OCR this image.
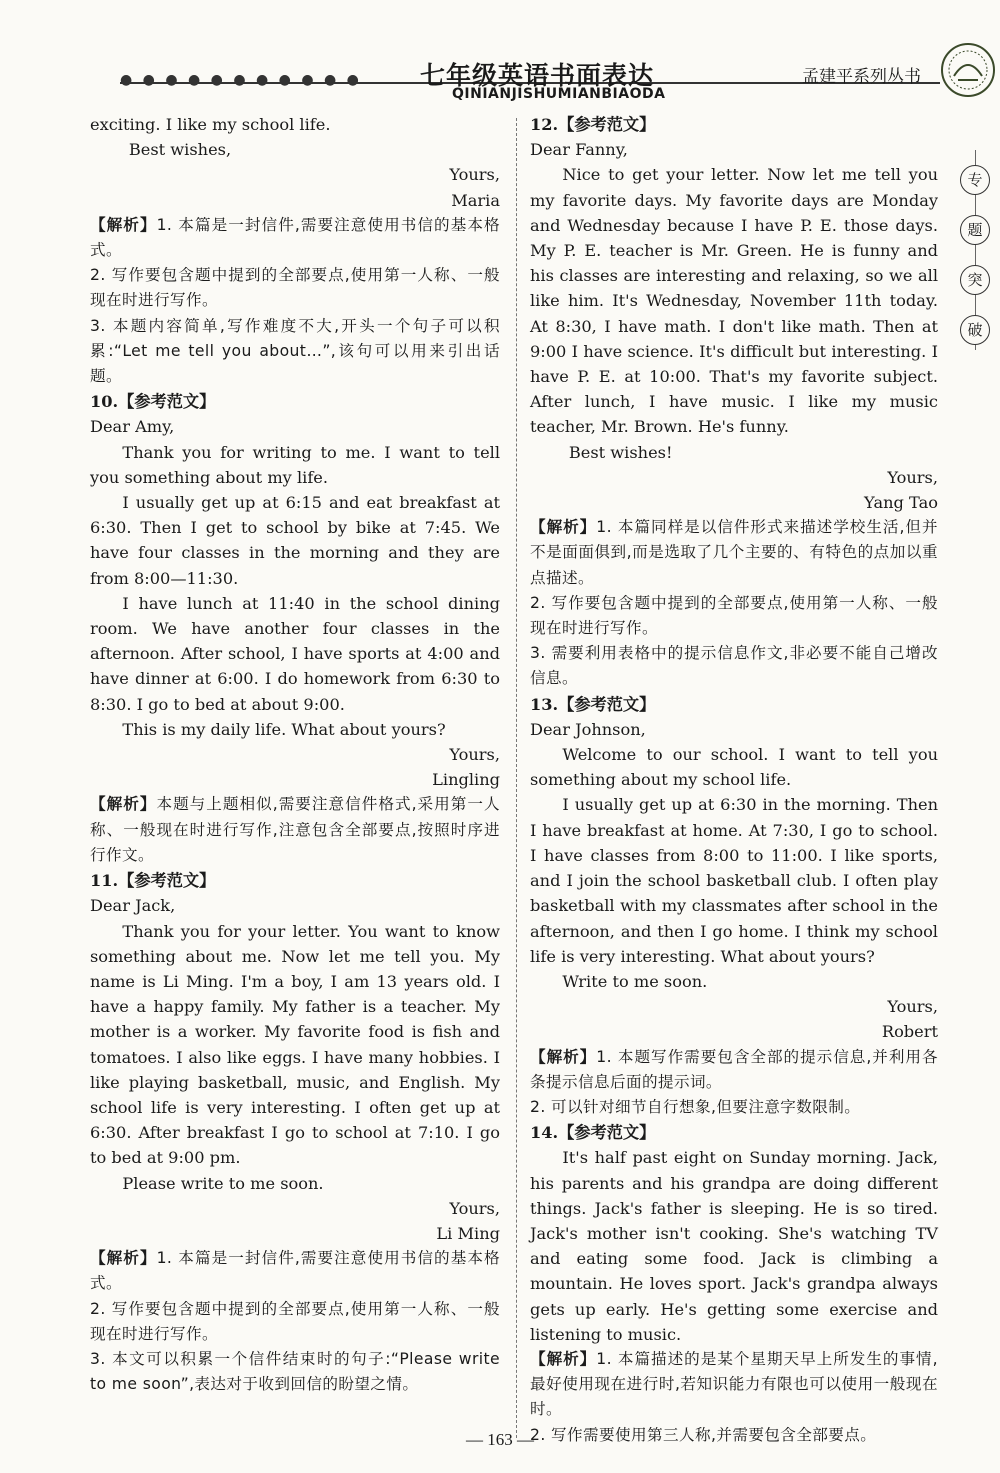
● ● ● ● ● ● ● ● ● ● ● 七年级英语书面表达
QINIANJISHUMIANBIAODA
孟建平系列丛书
专
题
突
破

exciting. I like my school life.

Best wishes,

Yours,

Maria

【解析】1. 本篇是一封信件,需要注意使用书信的基本格式。

2. 写作要包含题中提到的全部要点,使用第一人称、一般现在时进行写作。

3. 本题内容简单,写作难度不大,开头一个句子可以积累:“Let me tell you about…”,该句可以用来引出话题。

10.【参考范文】

Dear Amy,

Thank you for writing to me. I want to tell you something about my life.

I usually get up at 6:15 and eat breakfast at 6:30. Then I get to school by bike at 7:45. We have four classes in the morning and they are from 8:00—11:30.

I have lunch at 11:40 in the school dining room. We have another four classes in the afternoon. After school, I have sports at 4:00 and have dinner at 6:00. I do homework from 6:30 to 8:30. I go to bed at about 9:00.

This is my daily life. What about yours?

Yours,

Lingling

【解析】本题与上题相似,需要注意信件格式,采用第一人称、一般现在时进行写作,注意包含全部要点,按照时序进行作文。

11.【参考范文】

Dear Jack,

Thank you for your letter. You want to know something about me. Now let me tell you. My name is Li Ming. I'm a boy, I am 13 years old. I have a happy family. My father is a teacher. My mother is a worker. My favorite food is fish and tomatoes. I also like eggs. I have many hobbies. I like playing basketball, music, and English. My school life is very interesting. I often get up at 6:30. After breakfast I go to school at 7:10. I go to bed at 9:00 pm.

Please write to me soon.

Yours,

Li Ming

【解析】1. 本篇是一封信件,需要注意使用书信的基本格式。

2. 写作要包含题中提到的全部要点,使用第一人称、一般现在时进行写作。

3. 本文可以积累一个信件结束时的句子:“Please write to me soon”,表达对于收到回信的盼望之情。

12.【参考范文】

Dear Fanny,

Nice to get your letter. Now let me tell you my favorite days. My favorite days are Monday and Wednesday because I have P. E. those days. My P. E. teacher is Mr. Green. He is funny and his classes are interesting and relaxing, so we all like him. It's Wednesday, November 11th today. At 8:30, I have math. I don't like math. Then at 9:00 I have science. It's difficult but interesting. I have P. E. at 10:00. That's my favorite subject. After lunch, I have music. I like my music teacher, Mr. Brown. He's funny.

Best wishes!

Yours,

Yang Tao

【解析】1. 本篇同样是以信件形式来描述学校生活,但并不是面面俱到,而是选取了几个主要的、有特色的点加以重点描述。

2. 写作要包含题中提到的全部要点,使用第一人称、一般现在时进行写作。

3. 需要利用表格中的提示信息作文,非必要不能自己增改信息。

13.【参考范文】

Dear Johnson,

Welcome to our school. I want to tell you something about my school life.

I usually get up at 6:30 in the morning. Then I have breakfast at home. At 7:30, I go to school. I have classes from 8:00 to 11:00. I like sports, and I join the school basketball club. I often play basketball with my classmates after school in the afternoon, and then I go home. I think my school life is very interesting. What about yours?

Write to me soon.

Yours,

Robert

【解析】1. 本题写作需要包含全部的提示信息,并利用各条提示信息后面的提示词。

2. 可以针对细节自行想象,但要注意字数限制。

14.【参考范文】

It's half past eight on Sunday morning. Jack, his parents and his grandpa are doing different things. Jack's father is sleeping. He is so tired. Jack's mother isn't cooking. She's watching TV and eating some food. Jack is climbing a mountain. He loves sport. Jack's grandpa always gets up early. He's getting some exercise and listening to music.

【解析】1. 本篇描述的是某个星期天早上所发生的事情,最好使用现在进行时,若知识能力有限也可以使用一般现在时。

2. 写作需要使用第三人称,并需要包含全部要点。

— 163 —
